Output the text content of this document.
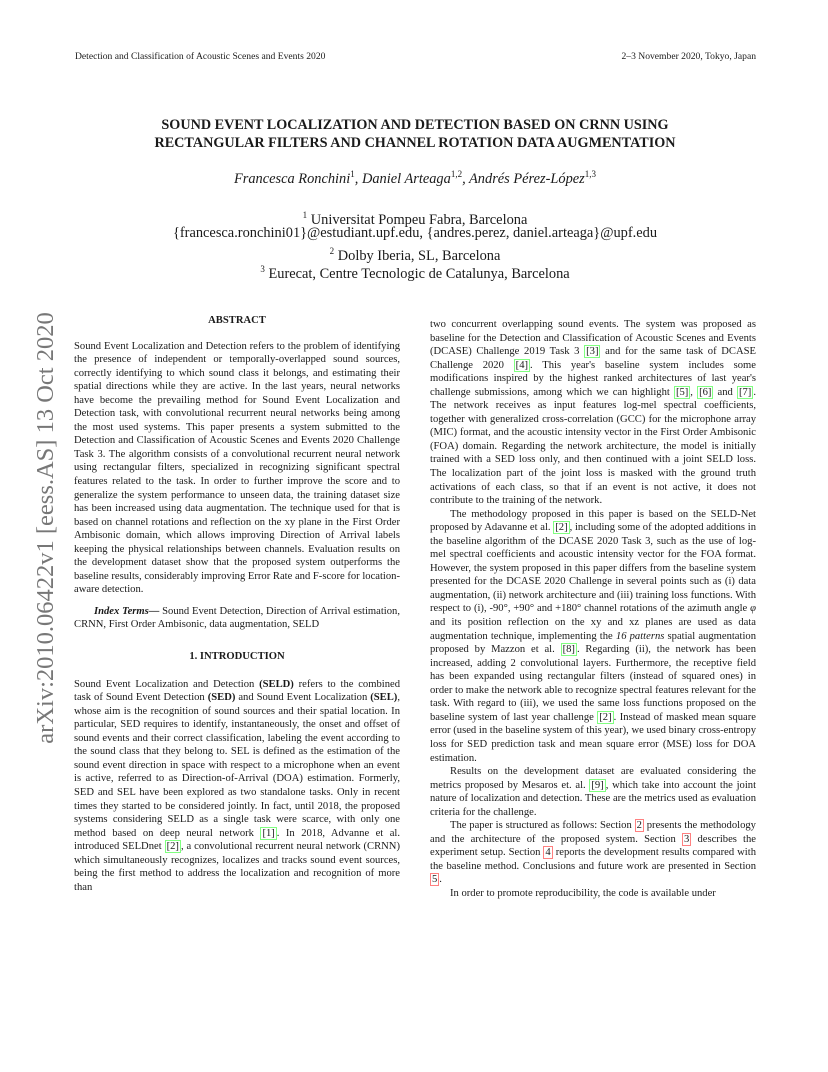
Detection and Classification of Acoustic Scenes and Events 2020	2–3 November 2020, Tokyo, Japan
arXiv:2010.06422v1 [eess.AS] 13 Oct 2020
SOUND EVENT LOCALIZATION AND DETECTION BASED ON CRNN USING
RECTANGULAR FILTERS AND CHANNEL ROTATION DATA AUGMENTATION
Francesca Ronchini$^1$, Daniel Arteaga$^{1,2}$, Andrés Pérez-López$^{1,3}$
$^1$ Universitat Pompeu Fabra, Barcelona
{francesca.ronchini01}@estudiant.upf.edu, {andres.perez, daniel.arteaga}@upf.edu
$^2$ Dolby Iberia, SL, Barcelona
$^3$ Eurecat, Centre Tecnologic de Catalunya, Barcelona

ABSTRACT

Sound Event Localization and Detection refers to the problem of identifying the presence of independent or temporally-overlapped sound sources, correctly identifying to which sound class it belongs, and estimating their spatial directions while they are active. In the last years, neural networks have become the prevailing method for Sound Event Localization and Detection task, with convolutional recurrent neural networks being among the most used systems. This paper presents a system submitted to the Detection and Classification of Acoustic Scenes and Events 2020 Challenge Task 3. The algorithm consists of a convolutional recurrent neural network using rectangular filters, specialized in recognizing significant spectral features related to the task. In order to further improve the score and to generalize the system performance to unseen data, the training dataset size has been increased using data augmentation. The technique used for that is based on channel rotations and reflection on the xy plane in the First Order Ambisonic domain, which allows improving Direction of Arrival labels keeping the physical relationships between channels. Evaluation results on the development dataset show that the proposed system outperforms the baseline results, considerably improving Error Rate and F-score for location-aware detection.

Index Terms— Sound Event Detection, Direction of Arrival estimation, CRNN, First Order Ambisonic, data augmentation, SELD

1. INTRODUCTION

Sound Event Localization and Detection (SELD) refers to the combined task of Sound Event Detection (SED) and Sound Event Localization (SEL), whose aim is the recognition of sound sources and their spatial location. In particular, SED requires to identify, instantaneously, the onset and offset of sound events and their correct classification, labeling the event according to the sound class that they belong to. SEL is defined as the estimation of the sound event direction in space with respect to a microphone when an event is active, referred to as Direction-of-Arrival (DOA) estimation. Formerly, SED and SEL have been explored as two standalone tasks. Only in recent times they started to be considered jointly. In fact, until 2018, the proposed systems considering SELD as a single task were scarce, with only one method based on deep neural network [1] . In 2018, Advanne et al. introduced SELDnet [2] , a convolutional recurrent neural network (CRNN) which simultaneously recognizes, localizes and tracks sound event sources, being the first method to address the localization and recognition of more than

two concurrent overlapping sound events. The system was proposed as baseline for the Detection and Classification of Acoustic Scenes and Events (DCASE) Challenge 2019 Task 3 [3] and for the same task of DCASE Challenge 2020 [4] . This year's baseline system includes some modifications inspired by the highest ranked architectures of last year's challenge submissions, among which we can highlight [5] , [6] and [7] . The network receives as input features log-mel spectral coefficients, together with generalized cross-correlation (GCC) for the microphone array (MIC) format, and the acoustic intensity vector in the First Order Ambisonic (FOA) domain. Regarding the network architecture, the model is initially trained with a SED loss only, and then continued with a joint SELD loss. The localization part of the joint loss is masked with the ground truth activations of each class, so that if an event is not active, it does not contribute to the training of the network.

The methodology proposed in this paper is based on the SELD-Net proposed by Adavanne et al. [2] , including some of the adopted additions in the baseline algorithm of the DCASE 2020 Task 3, such as the use of log-mel spectral coefficients and acoustic intensity vector for the FOA format. However, the system proposed in this paper differs from the baseline system presented for the DCASE 2020 Challenge in several points such as (i) data augmentation, (ii) network architecture and (iii) training loss functions. With respect to (i), -90°, +90° and +180° channel rotations of the azimuth angle φ and its position reflection on the xy and xz planes are used as data augmentation technique, implementing the 16 patterns spatial augmentation proposed by Mazzon et al. [8] . Regarding (ii), the network has been increased, adding 2 convolutional layers. Furthermore, the receptive field has been expanded using rectangular filters (instead of squared ones) in order to make the network able to recognize spectral features relevant for the task. With regard to (iii), we used the same loss functions proposed on the baseline system of last year challenge [2] . Instead of masked mean square error (used in the baseline system of this year), we used binary cross-entropy loss for SED prediction task and mean square error (MSE) loss for DOA estimation.

Results on the development dataset are evaluated considering the metrics proposed by Mesaros et. al. [9] , which take into account the joint nature of localization and detection. These are the metrics used as evaluation criteria for the challenge.

The paper is structured as follows: Section 2 presents the methodology and the architecture of the proposed system. Section 3 describes the experiment setup. Section 4 reports the development results compared with the baseline method. Conclusions and future work are presented in Section 5 .

In order to promote reproducibility, the code is available under
